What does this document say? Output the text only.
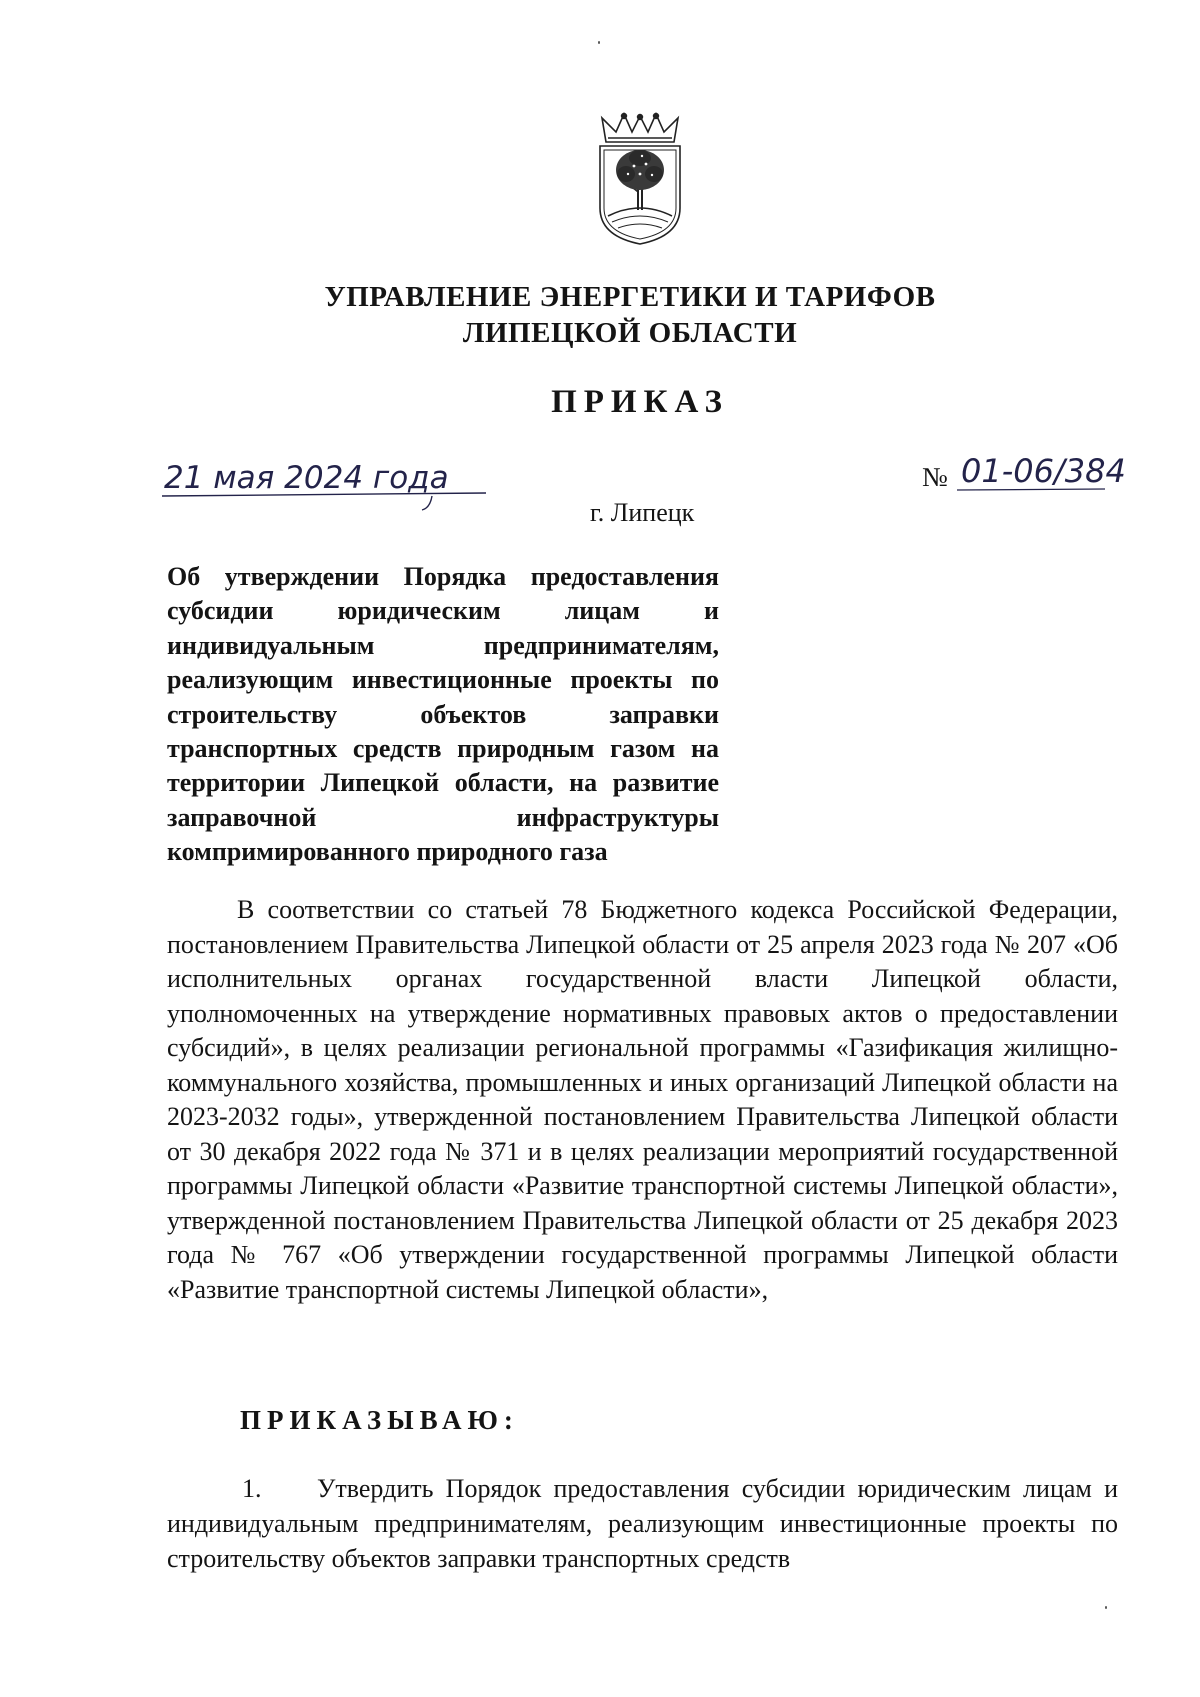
УПРАВЛЕНИЕ ЭНЕРГЕТИКИ И ТАРИФОВ
ЛИПЕЦКОЙ ОБЛАСТИ
ПРИКАЗ
21 мая 2024 года	№ 01-06/384
г. Липецк
Об утверждении Порядка предоставления субсидии юридическим лицам и индивидуальным предпринимателям, реализующим инвестиционные проекты по строительству объектов заправки транспортных средств природным газом на территории Липецкой области, на развитие заправочной инфраструктуры компримированного природного газа
В соответствии со статьей 78 Бюджетного кодекса Российской Федерации, постановлением Правительства Липецкой области от 25 апреля 2023 года № 207 «Об исполнительных органах государственной власти Липецкой области, уполномоченных на утверждение нормативных правовых актов о предоставлении субсидий», в целях реализации региональной программы «Газификация жилищно-коммунального хозяйства, промышленных и иных организаций Липецкой области на 2023-2032 годы», утвержденной постановлением Правительства Липецкой области от 30 декабря 2022 года № 371 и в целях реализации мероприятий государственной программы Липецкой области «Развитие транспортной системы Липецкой области», утвержденной постановлением Правительства Липецкой области от 25 декабря 2023 года № 767 «Об утверждении государственной программы Липецкой области «Развитие транспортной системы Липецкой области»,
ПРИКАЗЫВАЮ:
1. Утвердить Порядок предоставления субсидии юридическим лицам и индивидуальным предпринимателям, реализующим инвестиционные проекты по строительству объектов заправки транспортных средств
